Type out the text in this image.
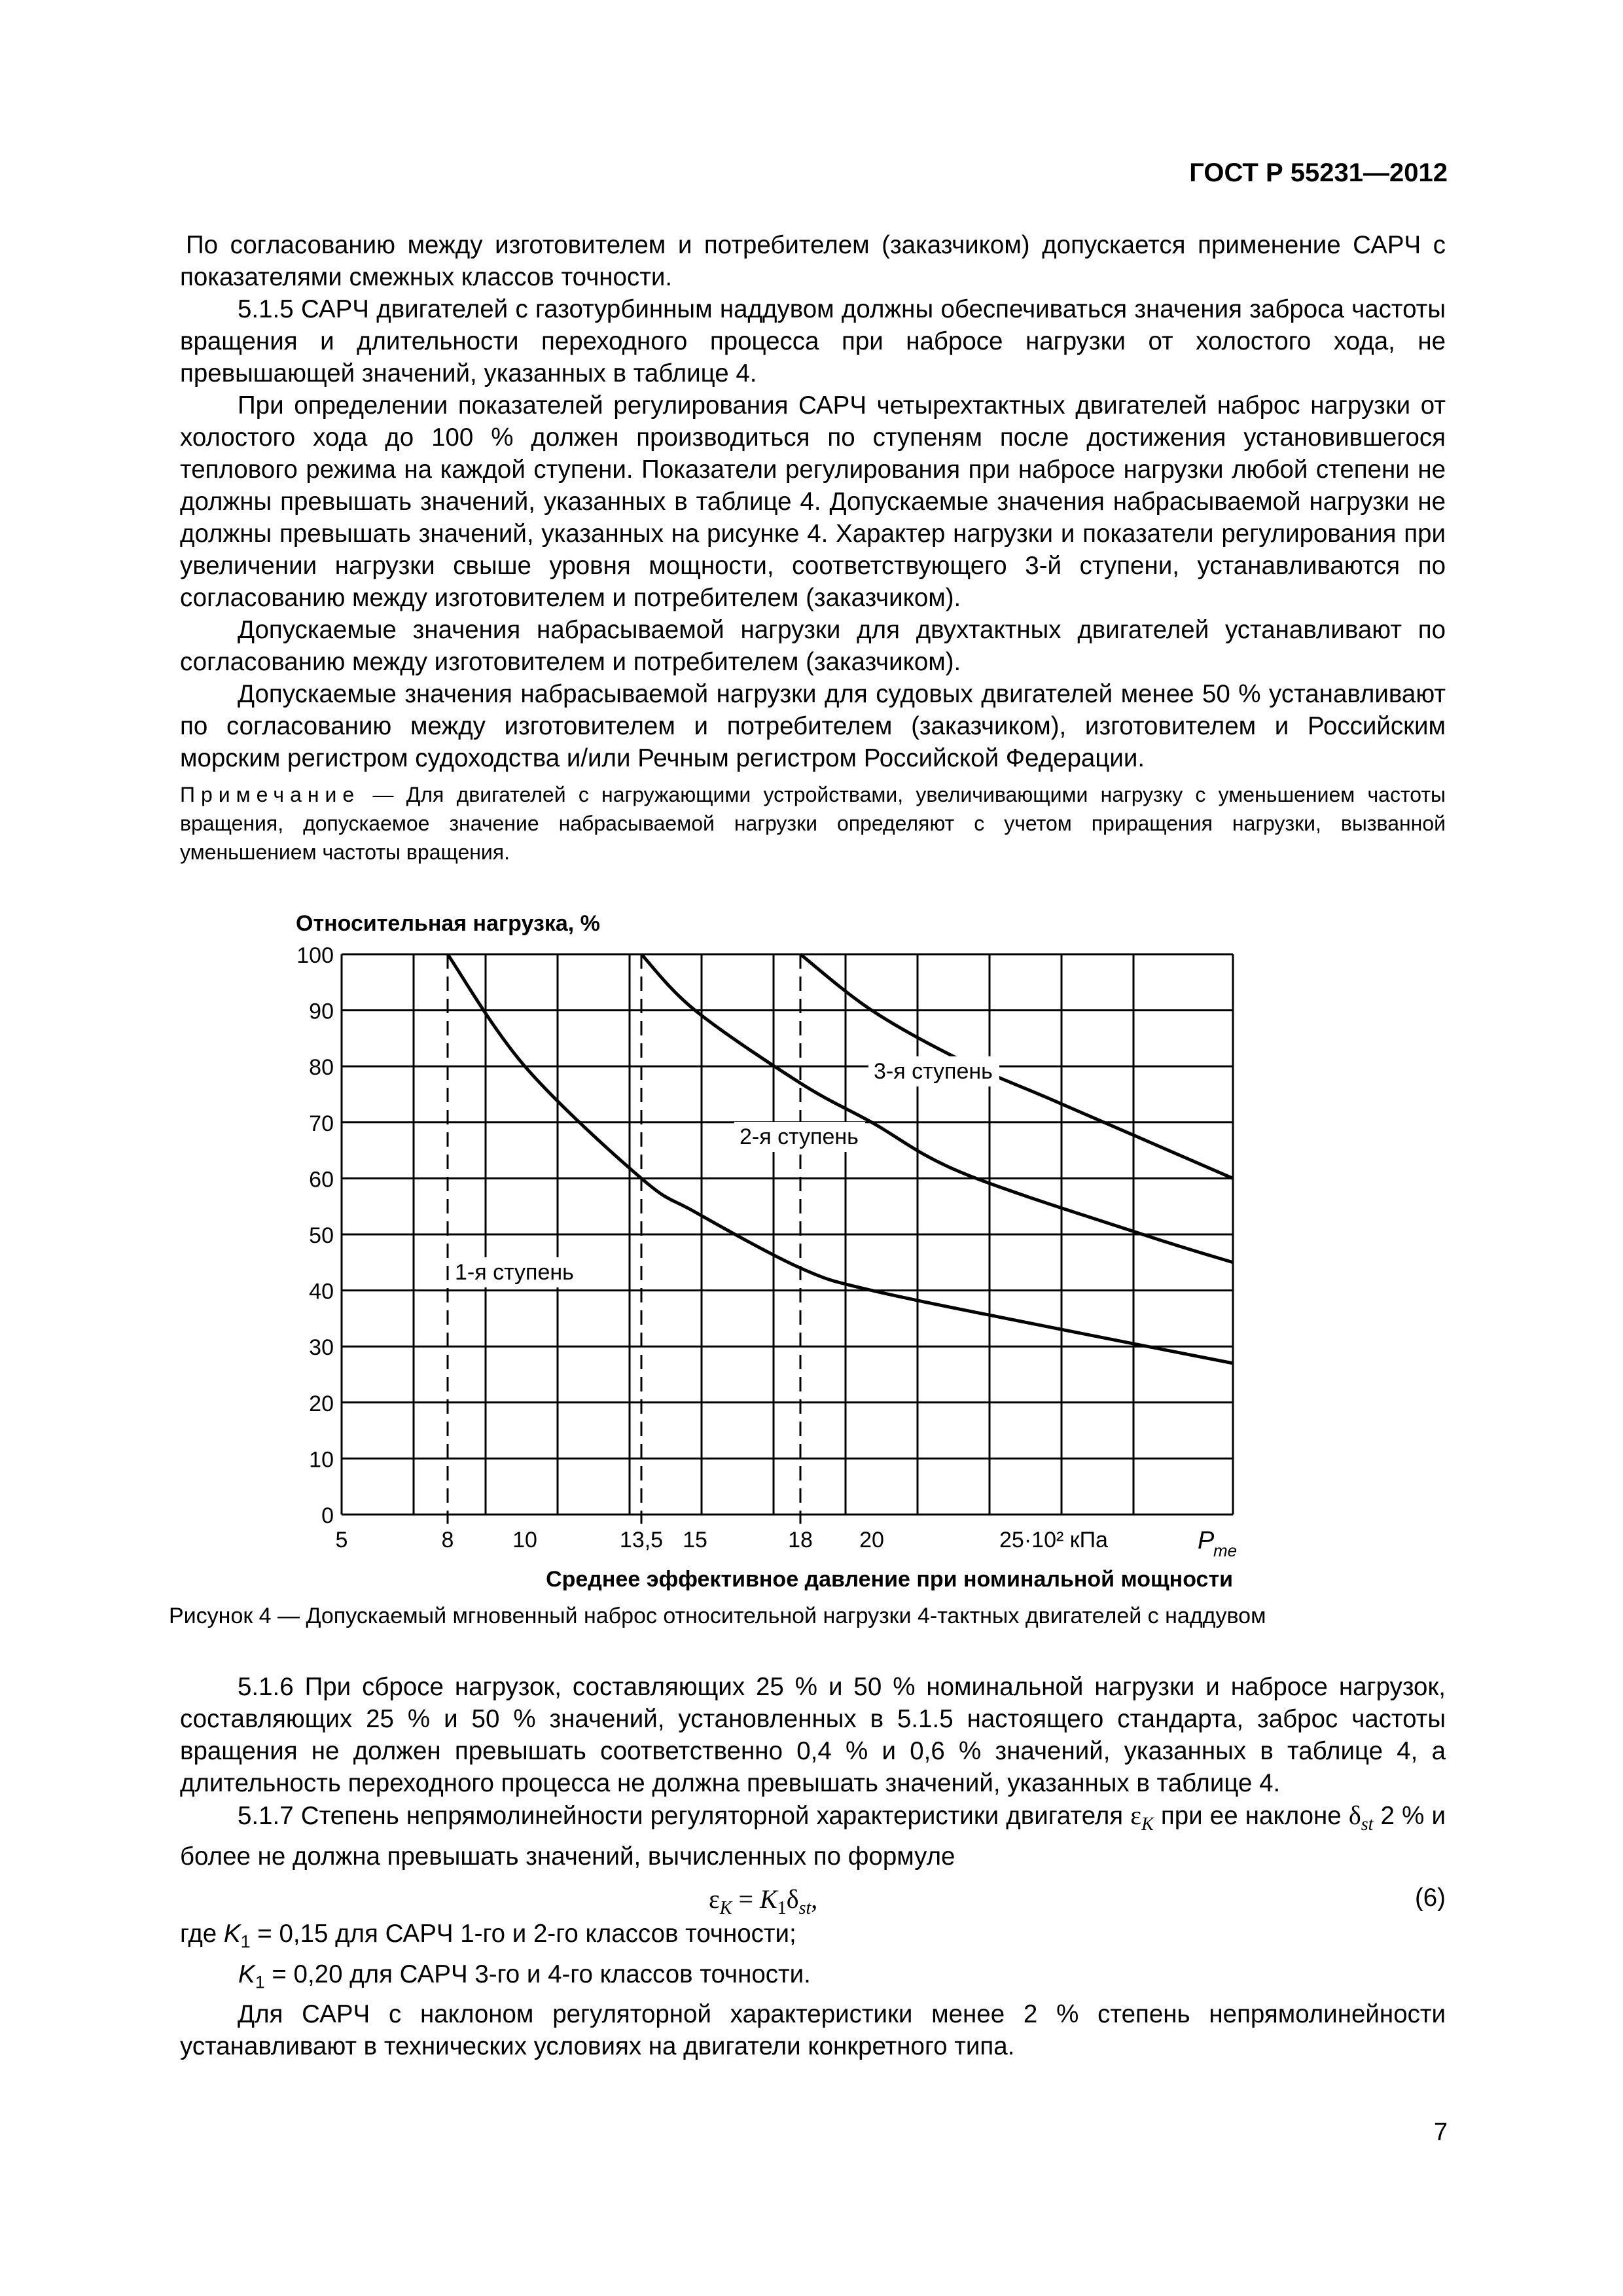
ГОСТ Р 55231—2012

По согласованию между изготовителем и потребителем (заказчиком) допускается применение САРЧ с показателями смежных классов точности.

5.1.5 САРЧ двигателей с газотурбинным наддувом должны обеспечиваться значения заброса частоты вращения и длительности переходного процесса при набросе нагрузки от холостого хода, не превышающей значений, указанных в таблице 4.

При определении показателей регулирования САРЧ четырехтактных двигателей наброс нагрузки от холостого хода до 100 % должен производиться по ступеням после достижения установившегося теплового режима на каждой ступени. Показатели регулирования при набросе нагрузки любой степени не должны превышать значений, указанных в таблице 4. Допускаемые значения набрасываемой нагрузки не должны превышать значений, указанных на рисунке 4. Характер нагрузки и показатели регулирования при увеличении нагрузки свыше уровня мощности, соответствующего 3-й ступени, устанавливаются по согласованию между изготовителем и потребителем (заказчиком).

Допускаемые значения набрасываемой нагрузки для двухтактных двигателей устанавливают по согласованию между изготовителем и потребителем (заказчиком).

Допускаемые значения набрасываемой нагрузки для судовых двигателей менее 50 % устанавливают по согласованию между изготовителем и потребителем (заказчиком), изготовителем и Российским морским регистром судоходства и/или Речным регистром Российской Федерации.

Примечание — Для двигателей с нагружающими устройствами, увеличивающими нагрузку с уменьшением частоты вращения, допускаемое значение набрасываемой нагрузки определяют с учетом приращения нагрузки, вызванной уменьшением частоты вращения.
0
10
20
30
40
50
60
70
80
90
100
5	8	10	13,5 15	18 20	25·10² кПа	P
me
Относительная нагрузка, %
Среднее эффективное давление при номинальной мощности
1-я ступень
2-я ступень
3-я ступень
Рисунок 4 — Допускаемый мгновенный наброс относительной нагрузки 4-тактных двигателей с наддувом

5.1.6 При сбросе нагрузок, составляющих 25 % и 50 % номинальной нагрузки и набросе нагрузок, составляющих 25 % и 50 % значений, установленных в 5.1.5 настоящего стандарта, заброс частоты вращения не должен превышать соответственно 0,4 % и 0,6 % значений, указанных в таблице 4, а длительность переходного процесса не должна превышать значений, указанных в таблице 4.

5.1.7 Степень непрямолинейности регуляторной характеристики двигателя $\varepsilon_K$ при ее наклоне $\delta_{st}$ 2 % и более не должна превышать значений, вычисленных по формуле

$\varepsilon_K = K_1\delta_{st}$,	(6)

где $K_1 = 0,15$ для САРЧ 1-го и 2-го классов точности;

$K_1 = 0,20$ для САРЧ 3-го и 4-го классов точности.

Для САРЧ с наклоном регуляторной характеристики менее 2 % степень непрямолинейности устанавливают в технических условиях на двигатели конкретного типа.

7
